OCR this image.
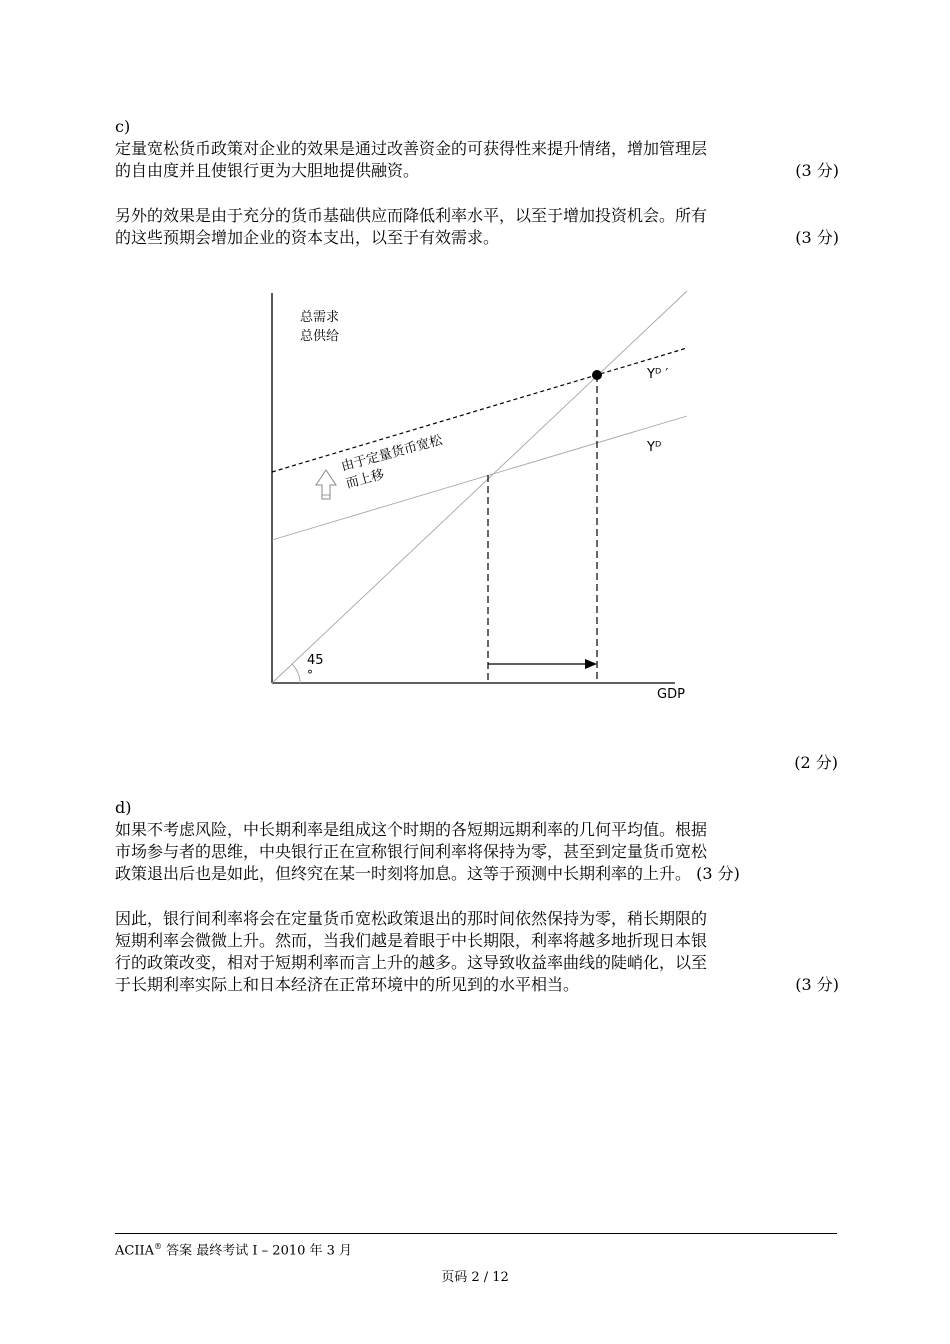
c)
定量宽松货币政策对企业的效果是通过改善资金的可获得性来提升情绪，增加管理层
的自由度并且使银行更为大胆地提供融资。	(3 分)
另外的效果是由于充分的货币基础供应而降低利率水平，以至于增加投资机会。所有
的这些预期会增加企业的资本支出，以至于有效需求。	(3 分)
总需求
总供给
Yᴰ ′
Yᴰ
由于定量货币宽松
而上移
45
°
GDP
(2 分)
d)
如果不考虑风险，中长期利率是组成这个时期的各短期远期利率的几何平均值。根据
市场参与者的思维，中央银行正在宣称银行间利率将保持为零，甚至到定量货币宽松
政策退出后也是如此，但终究在某一时刻将加息。这等于预测中长期利率的上升。 (3 分)
因此，银行间利率将会在定量货币宽松政策退出的那时间依然保持为零，稍长期限的
短期利率会微微上升。然而，当我们越是着眼于中长期限，利率将越多地折现日本银
行的政策改变，相对于短期利率而言上升的越多。这导致收益率曲线的陡峭化，以至
于长期利率实际上和日本经济在正常环境中的所见到的水平相当。	(3 分)
ACIIA® 答案 最终考试 I – 2010 年 3 月
页码 2 / 12
